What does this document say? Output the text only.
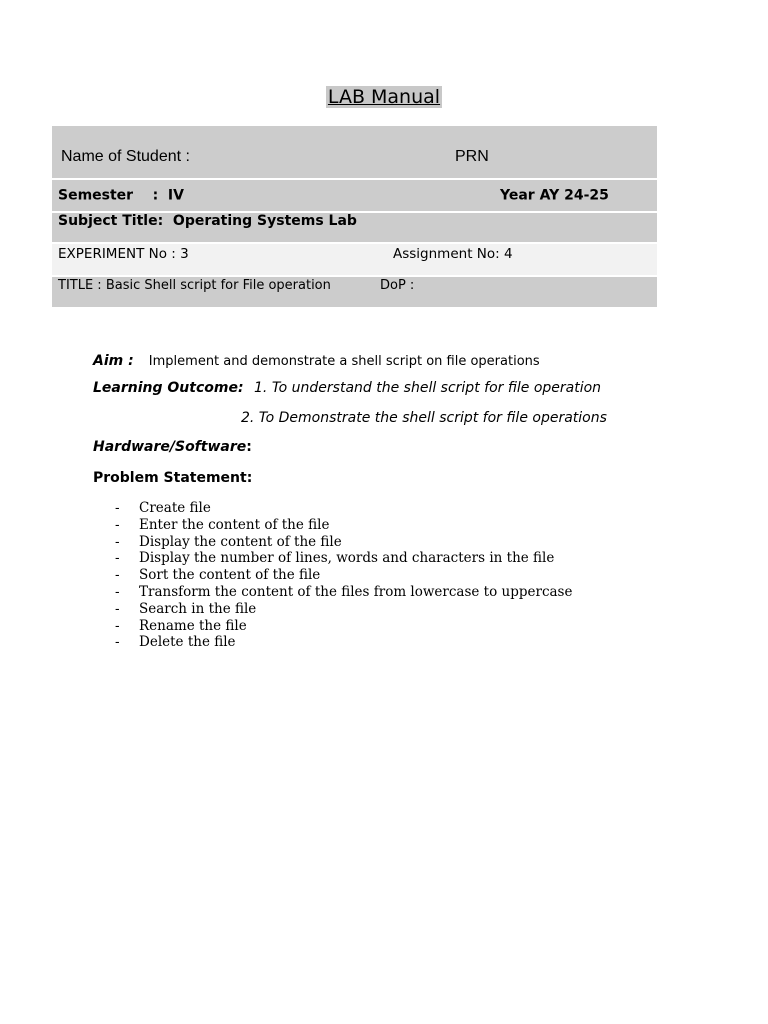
LAB Manual
Name of Student :	PRN
Semester    :  IV	Year AY 24-25
Subject Title:  Operating Systems Lab
EXPERIMENT No : 3	Assignment No: 4
TITLE : Basic Shell script for File operation	DoP :
Aim : Implement and demonstrate a shell script on file operations
Learning Outcome: 1. To understand the shell script for file operation
2. To Demonstrate the shell script for file operations
Hardware/Software:
Problem Statement:
- Create file
- Enter the content of the file
- Display the content of the file
- Display the number of lines, words and characters in the file
- Sort the content of the file
- Transform the content of the files from lowercase to uppercase
- Search in the file
- Rename the file
- Delete the file
